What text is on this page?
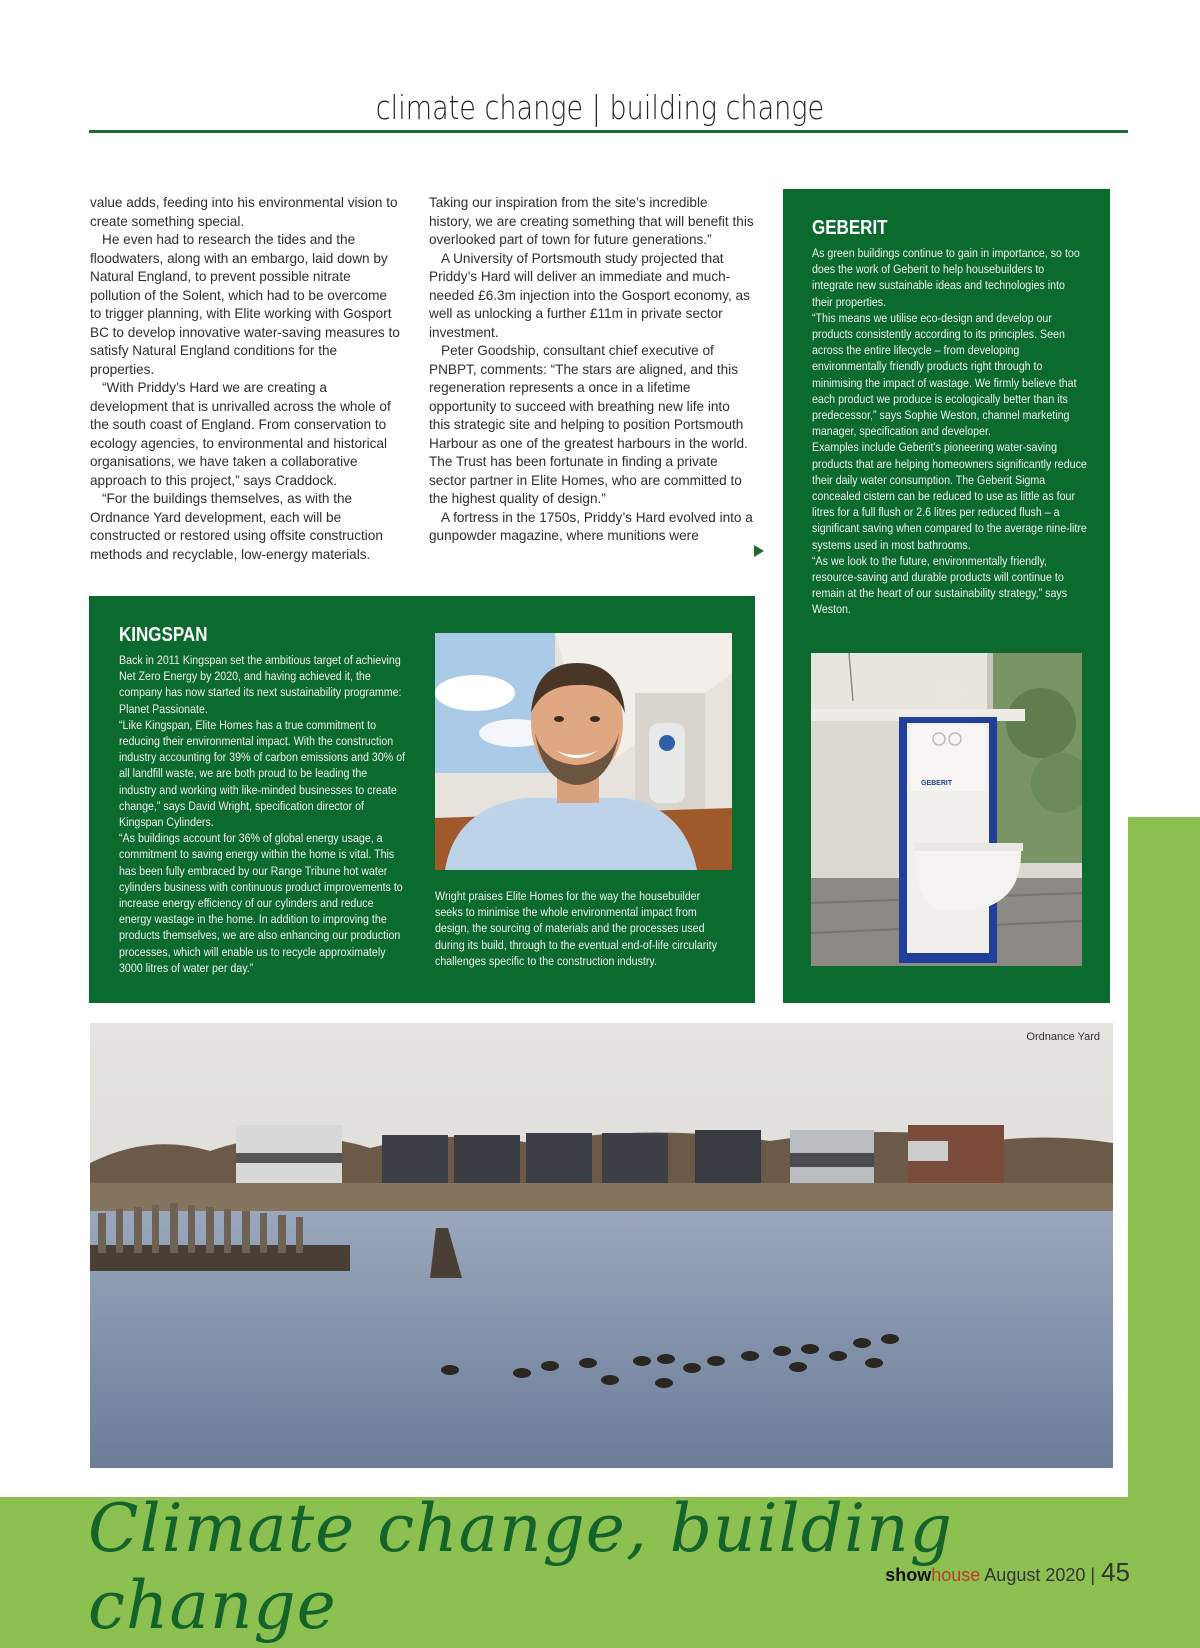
climate change | building change

value adds, feeding into his environmental vision to create something special.

He even had to research the tides and the floodwaters, along with an embargo, laid down by Natural England, to prevent possible nitrate pollution of the Solent, which had to be overcome to trigger planning, with Elite working with Gosport BC to develop innovative water-saving measures to satisfy Natural England conditions for the properties.

“With Priddy’s Hard we are creating a development that is unrivalled across the whole of the south coast of England. From conservation to ecology agencies, to environmental and historical organisations, we have taken a collaborative approach to this project,” says Craddock.

“For the buildings themselves, as with the Ordnance Yard development, each will be constructed or restored using offsite construction methods and recyclable, low-energy materials.

Taking our inspiration from the site’s incredible history, we are creating something that will benefit this overlooked part of town for future generations.”

A University of Portsmouth study projected that Priddy’s Hard will deliver an immediate and much-needed £6.3m injection into the Gosport economy, as well as unlocking a further £11m in private sector investment.

Peter Goodship, consultant chief executive of PNBPT, comments: “The stars are aligned, and this regeneration represents a once in a lifetime opportunity to succeed with breathing new life into this strategic site and helping to position Portsmouth Harbour as one of the greatest harbours in the world. The Trust has been fortunate in finding a private sector partner in Elite Homes, who are committed to the highest quality of design.”

A fortress in the 1750s, Priddy’s Hard evolved into a gunpowder magazine, where munitions were

GEBERIT

As green buildings continue to gain in importance, so too does the work of Geberit to help housebuilders to integrate new sustainable ideas and technologies into their properties.

“This means we utilise eco-design and develop our products consistently according to its principles. Seen across the entire lifecycle – from developing environmentally friendly products right through to minimising the impact of wastage. We firmly believe that each product we produce is ecologically better than its predecessor,” says Sophie Weston, channel marketing manager, specification and developer.

Examples include Geberit’s pioneering water-saving products that are helping homeowners significantly reduce their daily water consumption. The Geberit Sigma concealed cistern can be reduced to use as little as four litres for a full flush or 2.6 litres per reduced flush – a significant saving when compared to the average nine-litre systems used in most bathrooms.

“As we look to the future, environmentally friendly, resource-saving and durable products will continue to remain at the heart of our sustainability strategy,” says Weston.

GEBERIT
KINGSPAN

Back in 2011 Kingspan set the ambitious target of achieving Net Zero Energy by 2020, and having achieved it, the company has now started its next sustainability programme: Planet Passionate.

“Like Kingspan, Elite Homes has a true commitment to reducing their environmental impact. With the construction industry accounting for 39% of carbon emissions and 30% of all landfill waste, we are both proud to be leading the industry and working with like-minded businesses to create change,” says David Wright, specification director of Kingspan Cylinders.

“As buildings account for 36% of global energy usage, a commitment to saving energy within the home is vital. This has been fully embraced by our Range Tribune hot water cylinders business with continuous product improvements to increase energy efficiency of our cylinders and reduce energy wastage in the home. In addition to improving the products themselves, we are also enhancing our production processes, which will enable us to recycle approximately 3000 litres of water per day.”

Wright praises Elite Homes for the way the housebuilder seeks to minimise the whole environmental impact from design, the sourcing of materials and the processes used during its build, through to the eventual end-of-life circularity challenges specific to the construction industry.
Ordnance Yard
Climate change, building change	showhouse August 2020 | 45
